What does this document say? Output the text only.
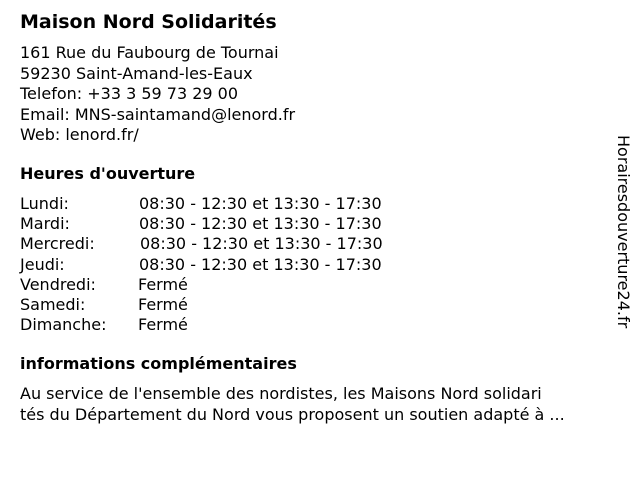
Maison Nord Solidarités
161 Rue du Faubourg de Tournai
59230 Saint-Amand-les-Eaux
Telefon: +33 3 59 73 29 00
Email: MNS-saintamand@lenord.fr
Web: lenord.fr/
Heures d'ouverture
Lundi:	08:30 - 12:30 et 13:30 - 17:30
Mardi:	08:30 - 12:30 et 13:30 - 17:30
Mercredi:	08:30 - 12:30 et 13:30 - 17:30
Jeudi:	08:30 - 12:30 et 13:30 - 17:30
Vendredi:	Fermé
Samedi:	Fermé
Dimanche: Fermé
informations complémentaires
Au service de l'ensemble des nordistes, les Maisons Nord solidari
tés du Département du Nord vous proposent un soutien adapté à ...
Horairesdouverture24.fr
